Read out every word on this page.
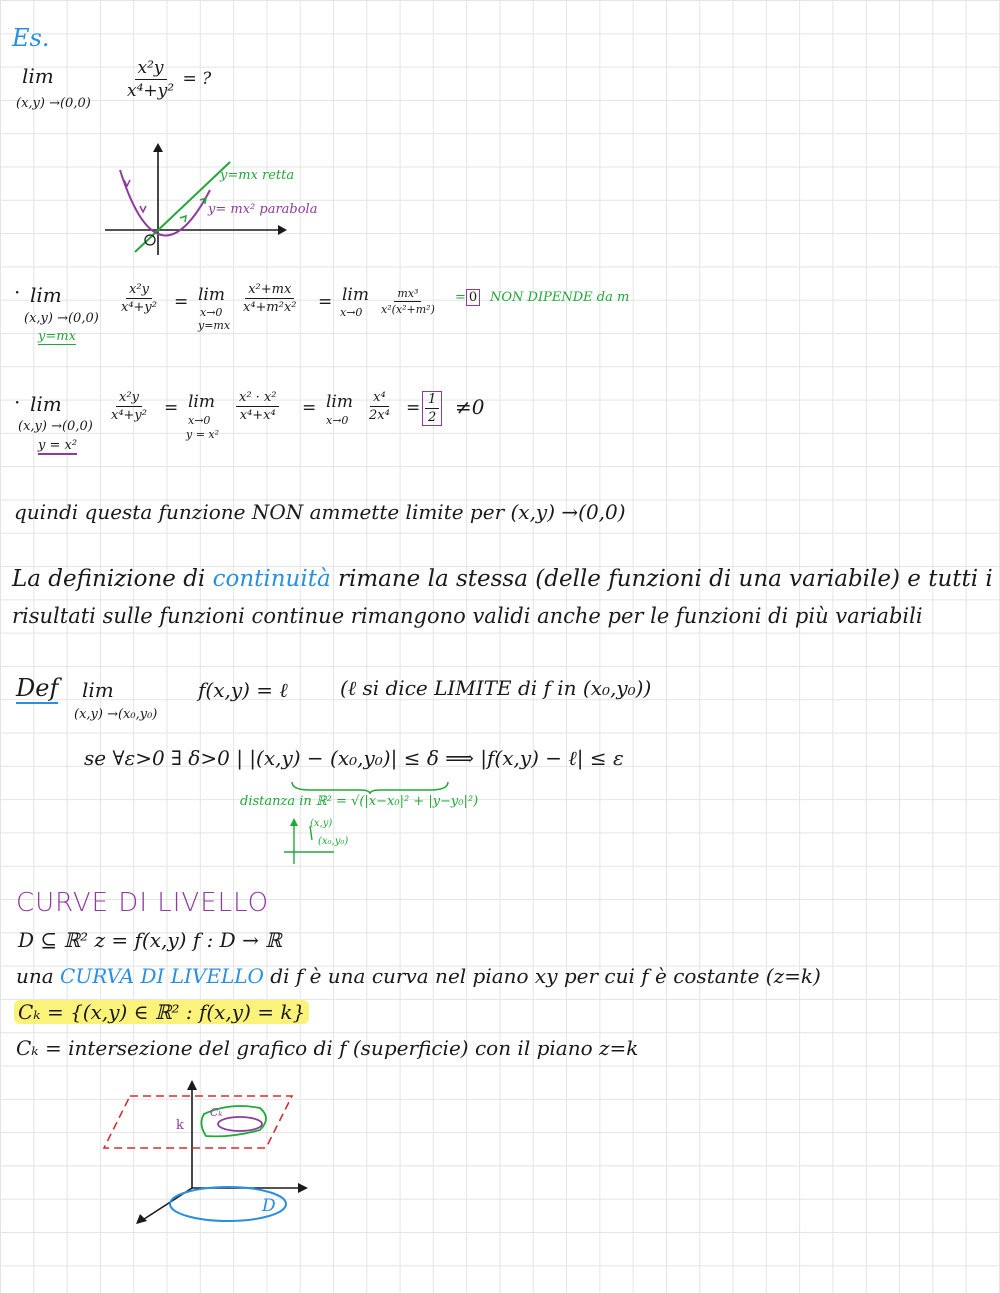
Es.
lim
(x,y) →(0,0)
$\frac{\text{x²y}}{\text{x⁴+y²}}$ = ?
y=mx retta
y= mx² parabola
· lim
(x,y) →(0,0)
y=mx
$\frac{\text{x²y}}{\text{x⁴+y²}} = \lim$
x→0
y=mx
$\frac{\text{x²+mx}}{\text{x⁴+m²x²}} = \lim$
$x\to 0 \frac{\text{mx³}}{\text{x²(x²+m²)}} = 0$ NON DIPENDE da m
· lim
(x,y) →(0,0)
y = x²
$\frac{\text{x²y}}{\text{x⁴+y²}} = \lim$
x→0
y = x²
$\frac{\text{x² · x²}}{\text{x⁴+x⁴}} = \lim$
$x\to 0 \frac{\text{x⁴}}{\text{2x⁴}} = \frac{1}{2} \ne 0$
quindi questa funzione NON ammette limite per (x,y) →(0,0)
La definizione di continuità rimane la stessa (delle funzioni di una variabile) e tutti i
risultati sulle funzioni continue rimangono validi anche per le funzioni di più variabili
Def lim
(x,y) →(x₀,y₀)
f(x,y) = ℓ	(ℓ si dice LIMITE di f in (x₀,y₀))
se ∀ε>0 ∃ δ>0 | |(x,y) − (x₀,y₀)| ≤ δ ⟹ |f(x,y) − ℓ| ≤ ε
distanza in ℝ² = √(|x−x₀|² + |y−y₀|²)
(x,y)
(x₀,y₀)
CURVE DI LIVELLO
D ⊆ ℝ² z = f(x,y) f : D → ℝ
una CURVA DI LIVELLO di f è una curva nel piano xy per cui f è costante (z=k)
Cₖ = {(x,y) ∈ ℝ² : f(x,y) = k}
Cₖ = intersezione del grafico di f (superficie) con il piano z=k
k
Cₖ
D
